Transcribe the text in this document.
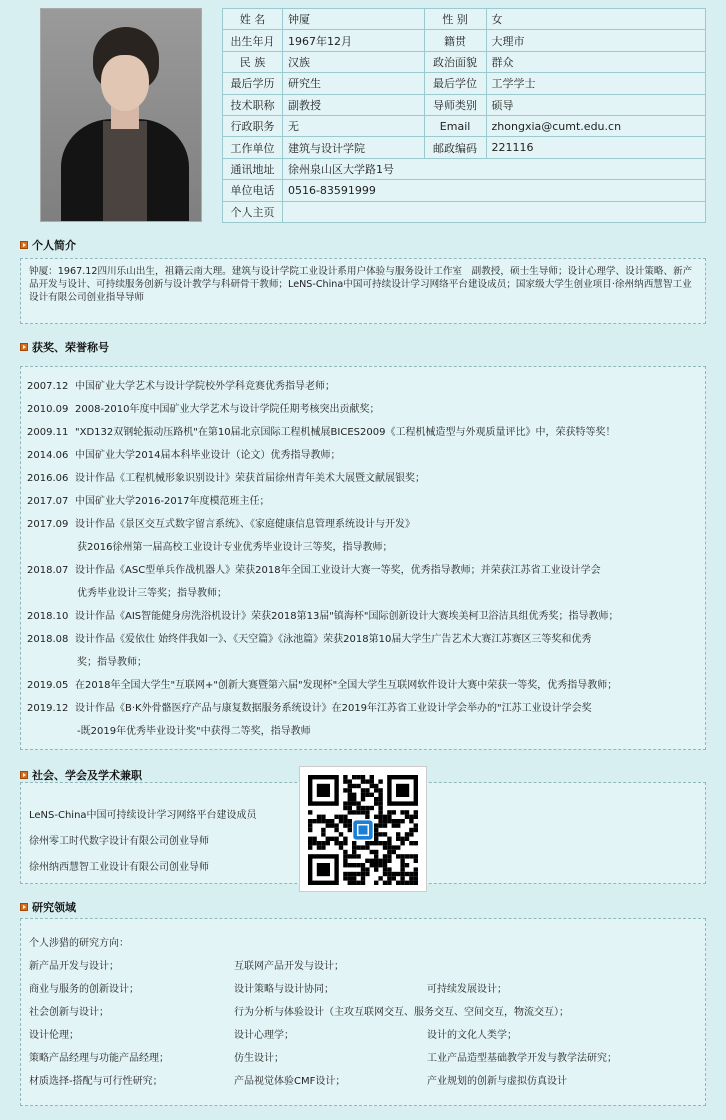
姓 名	钟厦	性 别	女
出生年月	1967年12月	籍贯	大理市
民 族	汉族	政治面貌	群众
最后学历	研究生	最后学位	工学学士
技术职称	副教授	导师类别	硕导
行政职务	无	Email	zhongxia@cumt.edu.cn
工作单位	建筑与设计学院	邮政编码	221116
通讯地址	徐州泉山区大学路1号		
单位电话	0516-83591999		
个人主页			
个人简介
钟厦：1967.12四川乐山出生，祖籍云南大理。建筑与设计学院工业设计系用户体验与服务设计工作室　副教授，硕士生导师；设计心理学、设计策略、新产品开发与设计、可持续服务创新与设计教学与科研骨干教师；LeNS-China中国可持续设计学习网络平台建设成员；国家级大学生创业项目·徐州纳西慧智工业设计有限公司创业指导导师
获奖、荣誉称号
2007.12 中国矿业大学艺术与设计学院校外学科竞赛优秀指导老师；
2010.09 2008-2010年度中国矿业大学艺术与设计学院任期考核突出贡献奖；
2009.11 "XD132双钢轮振动压路机"在第10届北京国际工程机械展BICES2009《工程机械造型与外观质量评比》中，荣获特等奖！
2014.06 中国矿业大学2014届本科毕业设计（论文）优秀指导教师；
2016.06 设计作品《工程机械形象识别设计》荣获首届徐州青年美术大展暨文献展银奖；
2017.07 中国矿业大学2016-2017年度模范班主任；
2017.09 设计作品《景区交互式数字留言系统》、《家庭健康信息管理系统设计与开发》
获2016徐州第一届高校工业设计专业优秀毕业设计三等奖，指导教师；
2018.07 设计作品《ASC型单兵作战机器人》荣获2018年全国工业设计大赛一等奖，优秀指导教师；并荣获江苏省工业设计学会
优秀毕业设计三等奖；指导教师；
2018.10 设计作品《AIS智能健身房洗浴机设计》荣获2018第13届"镇海杯"国际创新设计大赛埃美柯卫浴洁具组优秀奖；指导教师；
2018.08 设计作品《爱依仕 始终伴我如一》、《天空篇》《泳池篇》荣获2018第10届大学生广告艺术大赛江苏赛区三等奖和优秀
奖；指导教师；
2019.05 在2018年全国大学生"互联网+"创新大赛暨第六届"发现杯"全国大学生互联网软件设计大赛中荣获一等奖，优秀指导教师；
2019.12 设计作品《B·K外骨骼医疗产品与康复数据服务系统设计》在2019年江苏省工业设计学会举办的"江苏工业设计学会奖
-既2019年优秀毕业设计奖"中获得二等奖，指导教师
社会、学会及学术兼职
LeNS-China中国可持续设计学习网络平台建设成员
徐州零工时代数字设计有限公司创业导师
徐州纳西慧智工业设计有限公司创业导师
研究领域
个人涉猎的研究方向：
新产品开发与设计；	互联网产品开发与设计；
商业与服务的创新设计；	设计策略与设计协同；	可持续发展设计；
社会创新与设计；	行为分析与体验设计（主攻互联网交互、服务交互、空间交互，物流交互）；
设计伦理；	设计心理学；	设计的文化人类学；
策略产品经理与功能产品经理；	仿生设计；	工业产品造型基础教学开发与教学法研究；
材质选择-搭配与可行性研究；	产品视觉体验CMF设计；	产业规划的创新与虚拟仿真设计
